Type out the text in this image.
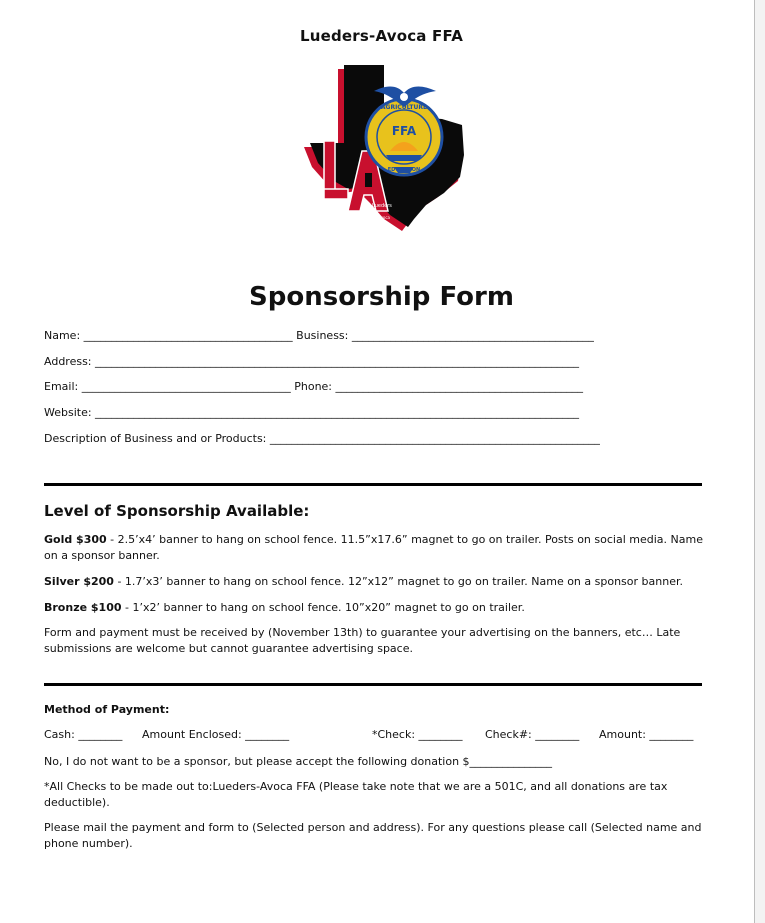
Lueders-Avoca FFA
Lueders
Avoca
FFA
AGRICULTURE
EDUCATION
Sponsorship Form
Name: ______________________________________ Business: ____________________________________________
Address: ________________________________________________________________________________________
Email: ______________________________________ Phone: _____________________________________________
Website: ________________________________________________________________________________________
Description of Business and or Products: ____________________________________________________________
Level of Sponsorship Available:
Gold $300 - 2.5’x4’ banner to hang on school fence. 11.5”x17.6” magnet to go on trailer. Posts on social media. Name on a sponsor banner.
Silver $200 - 1.7’x3’ banner to hang on school fence. 12”x12” magnet to go on trailer. Name on a sponsor banner.
Bronze $100 - 1’x2’ banner to hang on school fence. 10”x20” magnet to go on trailer.
Form and payment must be received by (November 13th) to guarantee your advertising on the banners, etc… Late submissions are welcome but cannot guarantee advertising space.
Method of Payment:
Cash: ________ Amount Enclosed: ________	*Check: ________ Check#: ________ Amount: ________
No, I do not want to be a sponsor, but please accept the following donation $_______________
*All Checks to be made out to:Lueders-Avoca FFA (Please take note that we are a 501C, and all donations are tax deductible).
Please mail the payment and form to (Selected person and address). For any questions please call (Selected name and phone number).
